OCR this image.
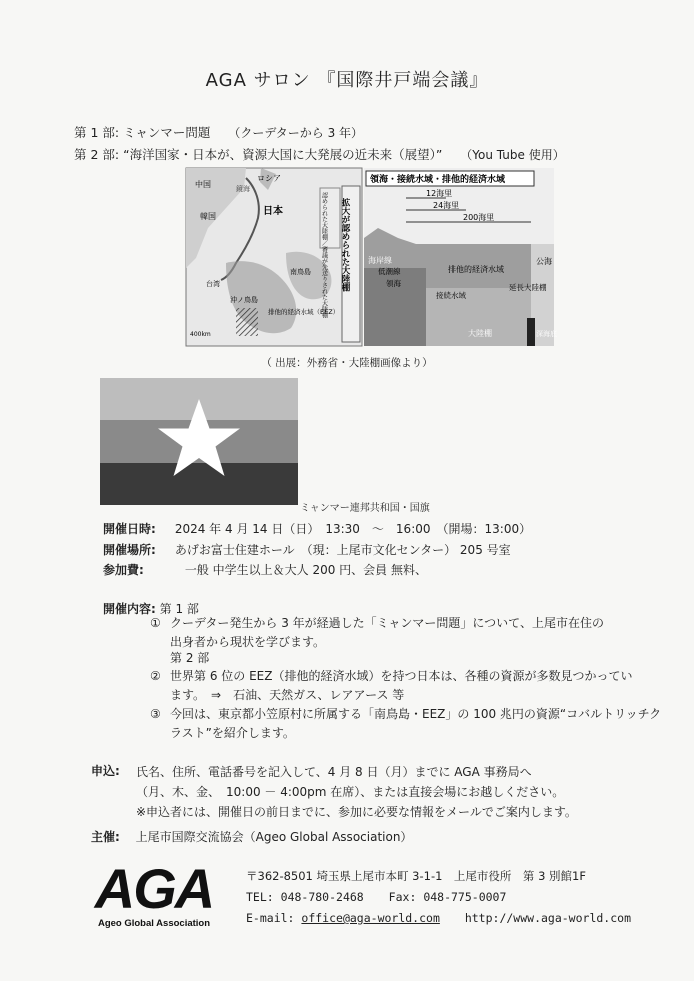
AGA サロン 『国際井戸端会議』
第 1 部: ミャンマー問題 （クーデターから 3 年）
第 2 部: “海洋国家・日本が、資源大国に大発展の近未来（展望）” （You Tube 使用）
ロシア
中国	鏡海
日本
韓国
台湾
南鳥島
沖ノ鳥島
排他的経済水域（EEZ）
400km
拡大が認められた大陸棚
認められた大陸棚／審議が先送りされた大陸棚
領海・接続水域・排他的経済水域
12海里
24海里
200海里
海岸線
低潮線
領海
接続水域
排他的経済水域
公海
延長大陸棚
大陸棚	深海底
（ 出展：外務省・大陸棚画像より）
ミャンマー連邦共和国・国旗
開催日時: 2024 年 4 月 14 日（日）　13:30　～　16:00　（開場：13:00）
開催場所: あげお富士住建ホール　（現：上尾市文化センター） 205 号室
参加費:	一般 中学生以上＆大人 200 円、会員 無料、
開催内容: 第 1 部
① クーデター発生から 3 年が経過した「ミャンマー問題」について、上尾市在住の
出身者から現状を学びます。
第 2 部
② 世界第 6 位の EEZ（排他的経済水域）を持つ日本は、各種の資源が多数見つかってい
ます。　⇒　石油、天然ガス、レアアース 等
③ 今回は、東京都小笠原村に所属する「南鳥島・EEZ」の 100 兆円の資源“コバルトリッチク
ラスト”を紹介します。
申込: 氏名、住所、電話番号を記入して、4 月 8 日（月）までに AGA 事務局へ
（月、木、金、　10:00 － 4:00pm 在席）、または直接会場にお越しください。
※申込者には、開催日の前日までに、参加に必要な情報をメールでご案内します。
主催: 上尾市国際交流協会（Ageo Global Association）
AGA
Ageo Global Association
〒362-8501 埼玉県上尾市本町 3-1-1　上尾市役所　第 3 別館1F
TEL: 048-780-2468 Fax: 048-775-0007
E-mail: office@aga-world.com http://www.aga-world.com
